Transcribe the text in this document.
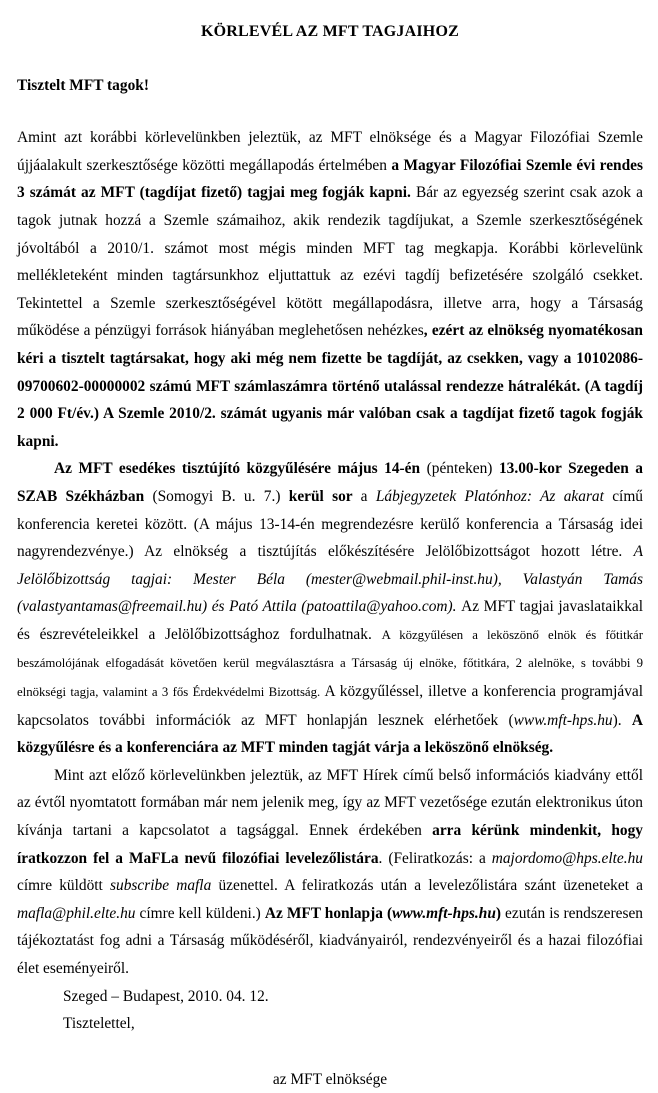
KÖRLEVÉL AZ MFT TAGJAIHOZ

Tisztelt MFT tagok!

Amint azt korábbi körlevelünkben jeleztük, az MFT elnöksége és a Magyar Filozófiai Szemle újjáalakult szerkesztősége közötti megállapodás értelmében a Magyar Filozófiai Szemle évi rendes 3 számát az MFT (tagdíjat fizető) tagjai meg fogják kapni. Bár az egyezség szerint csak azok a tagok jutnak hozzá a Szemle számaihoz, akik rendezik tagdíjukat, a Szemle szerkesztőségének jóvoltából a 2010/1. számot most mégis minden MFT tag megkapja. Korábbi körlevelünk mellékleteként minden tagtársunkhoz eljuttattuk az ezévi tagdíj befizetésére szolgáló csekket. Tekintettel a Szemle szerkesztőségével kötött megállapodásra, illetve arra, hogy a Társaság működése a pénzügyi források hiányában meglehetősen nehézkes, ezért az elnökség nyomatékosan kéri a tisztelt tagtársakat, hogy aki még nem fizette be tagdíját, az csekken, vagy a 10102086-09700602-00000002 számú MFT számlaszámra történő utalással rendezze hátralékát. (A tagdíj 2 000 Ft/év.) A Szemle 2010/2. számát ugyanis már valóban csak a tagdíjat fizető tagok fogják kapni.

Az MFT esedékes tisztújító közgyűlésére május 14-én (pénteken) 13.00-kor Szegeden a SZAB Székházban (Somogyi B. u. 7.) kerül sor a Lábjegyzetek Platónhoz: Az akarat című konferencia keretei között. (A május 13-14-én megrendezésre kerülő konferencia a Társaság idei nagyrendezvénye.) Az elnökség a tisztújítás előkészítésére Jelölőbizottságot hozott létre. A Jelölőbizottság tagjai: Mester Béla (mester@webmail.phil-inst.hu), Valastyán Tamás (valastyantamas@freemail.hu) és Pató Attila (patoattila@yahoo.com). Az MFT tagjai javaslataikkal és észrevételeikkel a Jelölőbizottsághoz fordulhatnak. A közgyűlésen a leköszönő elnök és főtitkár beszámolójának elfogadását követően kerül megválasztásra a Társaság új elnöke, főtitkára, 2 alelnöke, s további 9 elnökségi tagja, valamint a 3 fős Érdekvédelmi Bizottság. A közgyűléssel, illetve a konferencia programjával kapcsolatos további információk az MFT honlapján lesznek elérhetőek (www.mft-hps.hu). A közgyűlésre és a konferenciára az MFT minden tagját várja a leköszönő elnökség.

Mint azt előző körlevelünkben jeleztük, az MFT Hírek című belső információs kiadvány ettől az évtől nyomtatott formában már nem jelenik meg, így az MFT vezetősége ezután elektronikus úton kívánja tartani a kapcsolatot a tagsággal. Ennek érdekében arra kérünk mindenkit, hogy íratkozzon fel a MaFLa nevű filozófiai levelezőlistára. (Feliratkozás: a majordomo@hps.elte.hu címre küldött subscribe mafla üzenettel. A feliratkozás után a levelezőlistára szánt üzeneteket a mafla@phil.elte.hu címre kell küldeni.) Az MFT honlapja (www.mft-hps.hu) ezután is rendszeresen tájékoztatást fog adni a Társaság működéséről, kiadványairól, rendezvényeiről és a hazai filozófiai élet eseményeiről.

Szeged – Budapest, 2010. 04. 12.

Tisztelettel,

az MFT elnöksége
